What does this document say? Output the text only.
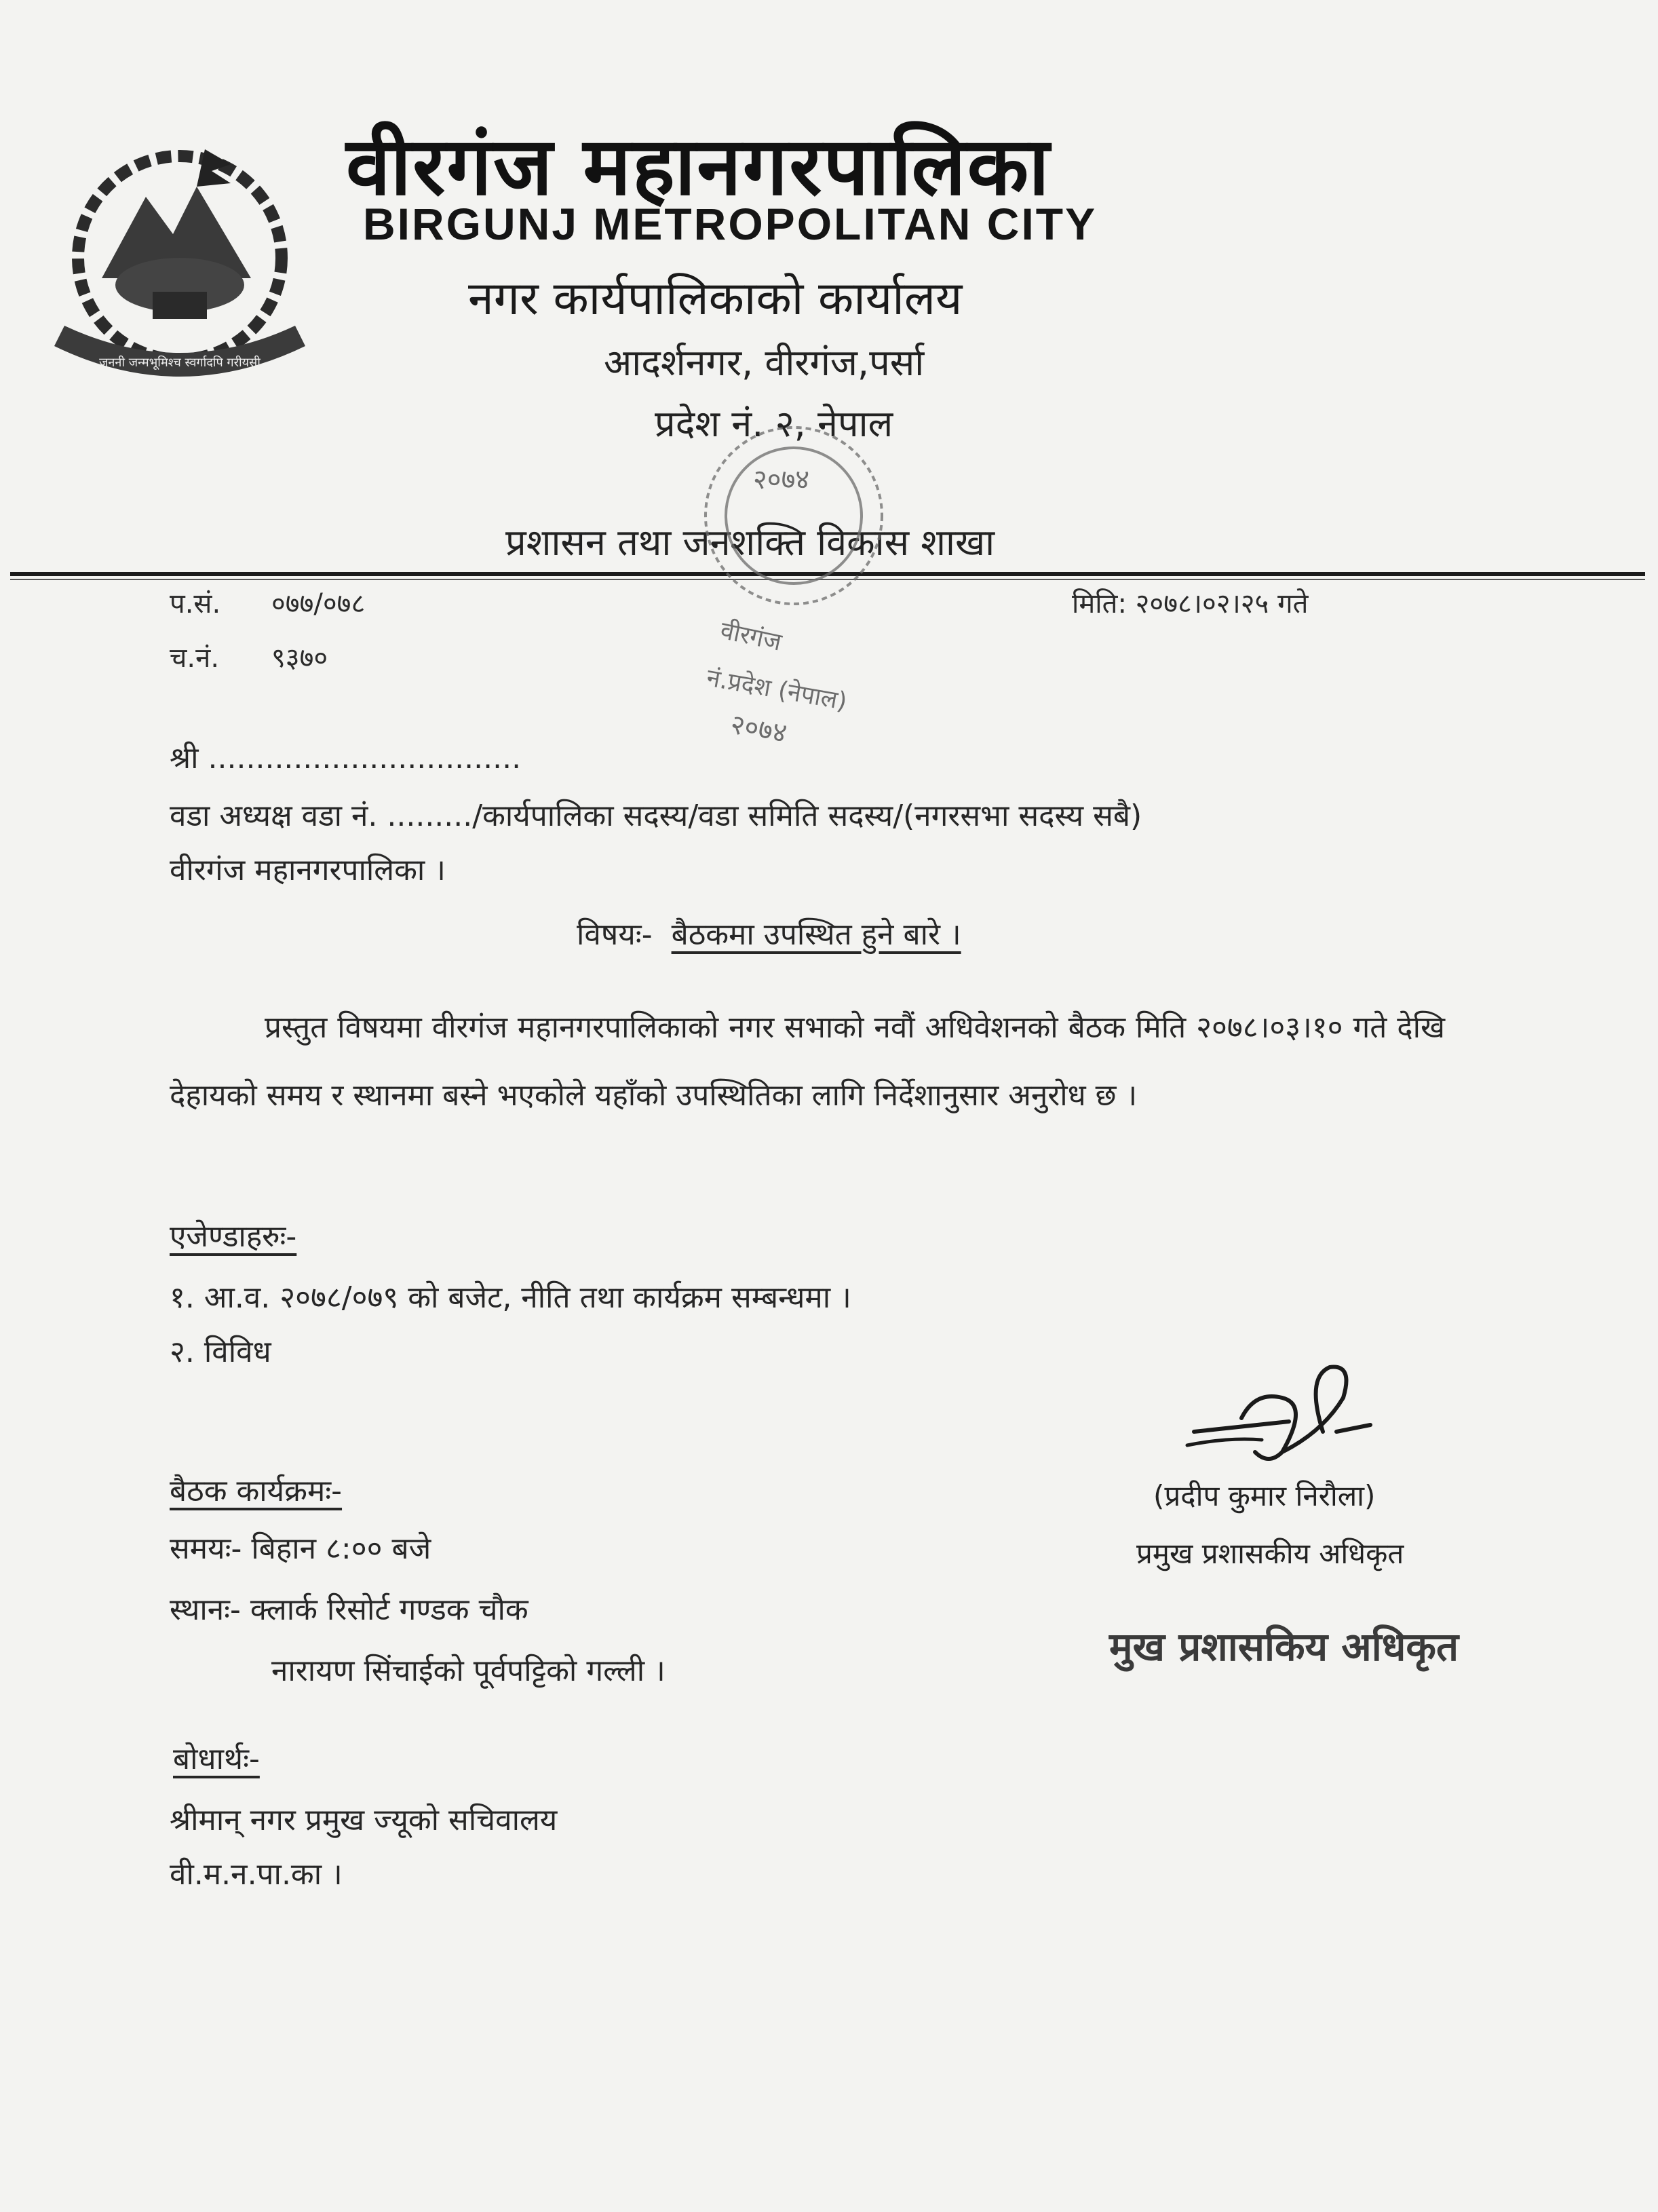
जननी जन्मभूमिश्च स्वर्गादपि गरीयसी
वीरगंज महानगरपालिका
BIRGUNJ METROPOLITAN CITY
नगर कार्यपालिकाको कार्यालय
आदर्शनगर, वीरगंज,पर्सा
प्रदेश नं. २, नेपाल
प्रशासन तथा जनशक्ति विकास शाखा
२०७४
वीरगंज
नं.प्रदेश (नेपाल)
२०७४
प.सं. ०७७/०७८
च.नं. ९३७०
मिति: २०७८।०२।२५ गते
श्री .................................
वडा अध्यक्ष वडा नं. ........./कार्यपालिका सदस्य/वडा समिति सदस्य/(नगरसभा सदस्य सबै)
वीरगंज महानगरपालिका ।
विषयः- बैठकमा उपस्थित हुने बारे ।
प्रस्तुत विषयमा वीरगंज महानगरपालिकाको नगर सभाको नवौं अधिवेशनको बैठक मिति २०७८।०३।१० गते देखि देहायको समय र स्थानमा बस्ने भएकोले यहाँको उपस्थितिका लागि निर्देशानुसार अनुरोध छ ।
एजेण्डाहरुः-
१. आ.व. २०७८/०७९ को बजेट, नीति तथा कार्यक्रम सम्बन्धमा ।
२. विविध
(प्रदीप कुमार निरौला)
प्रमुख प्रशासकीय अधिकृत
मुख प्रशासकिय अधिकृत
बैठक कार्यक्रमः-
समयः- बिहान ८:०० बजे
स्थानः- क्लार्क रिसोर्ट गण्डक चौक
नारायण सिंचाईको पूर्वपट्टिको गल्ली ।
बोधार्थः-
श्रीमान् नगर प्रमुख ज्यूको सचिवालय
वी.म.न.पा.का ।
